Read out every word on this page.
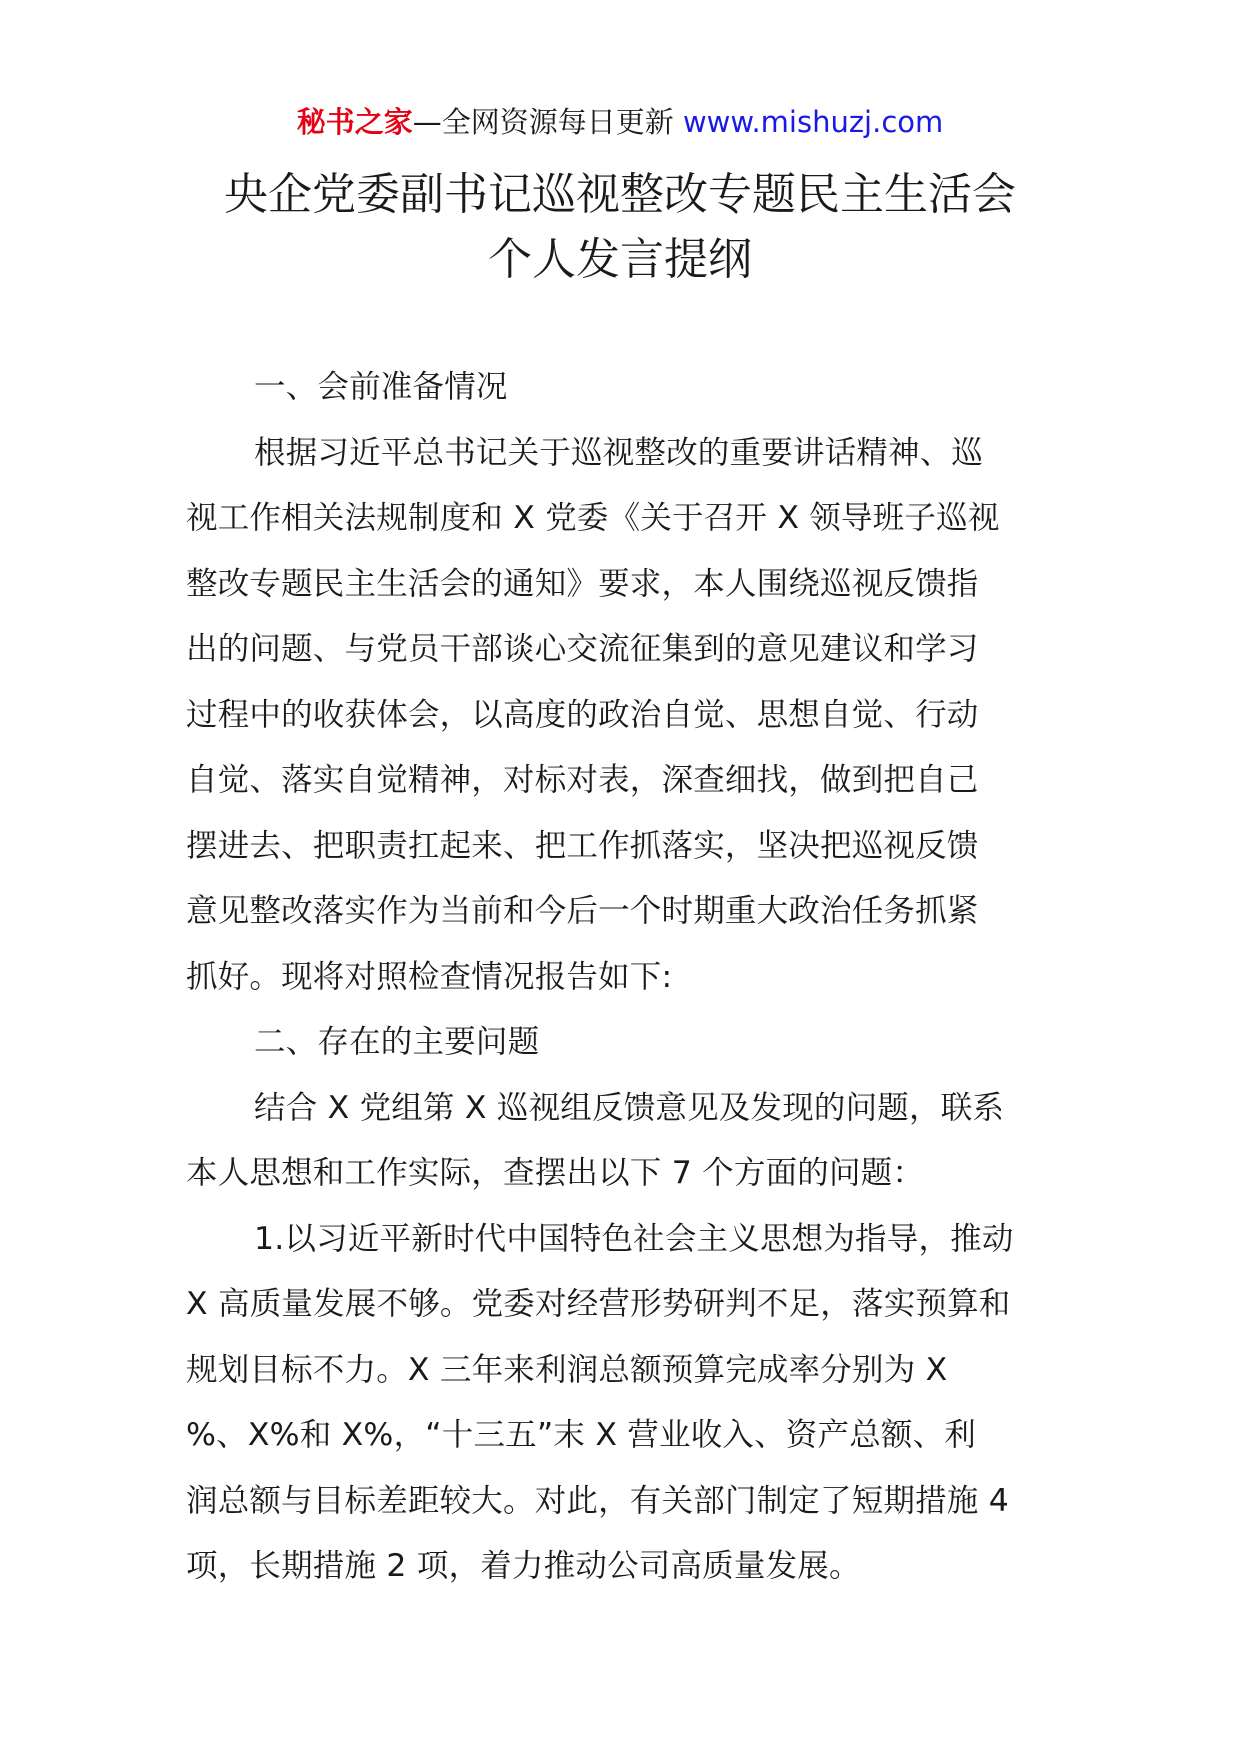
秘书之家—全网资源每日更新 www.mishuzj.com
央企党委副书记巡视整改专题民主生活会
个人发言提纲
一、会前准备情况
根据习近平总书记关于巡视整改的重要讲话精神、巡
视工作相关法规制度和 X 党委《关于召开 X 领导班子巡视
整改专题民主生活会的通知》要求，本人围绕巡视反馈指
出的问题、与党员干部谈心交流征集到的意见建议和学习
过程中的收获体会，以高度的政治自觉、思想自觉、行动
自觉、落实自觉精神，对标对表，深查细找，做到把自己
摆进去、把职责扛起来、把工作抓落实，坚决把巡视反馈
意见整改落实作为当前和今后一个时期重大政治任务抓紧
抓好。现将对照检查情况报告如下:
二、存在的主要问题
结合 X 党组第 X 巡视组反馈意见及发现的问题，联系
本人思想和工作实际，查摆出以下 7 个方面的问题：
1.以习近平新时代中国特色社会主义思想为指导，推动
X 高质量发展不够。党委对经营形势研判不足，落实预算和
规划目标不力。X 三年来利润总额预算完成率分别为 X
%、X%和 X%，“十三五”末 X 营业收入、资产总额、利
润总额与目标差距较大。对此，有关部门制定了短期措施 4
项，长期措施 2 项，着力推动公司高质量发展。
